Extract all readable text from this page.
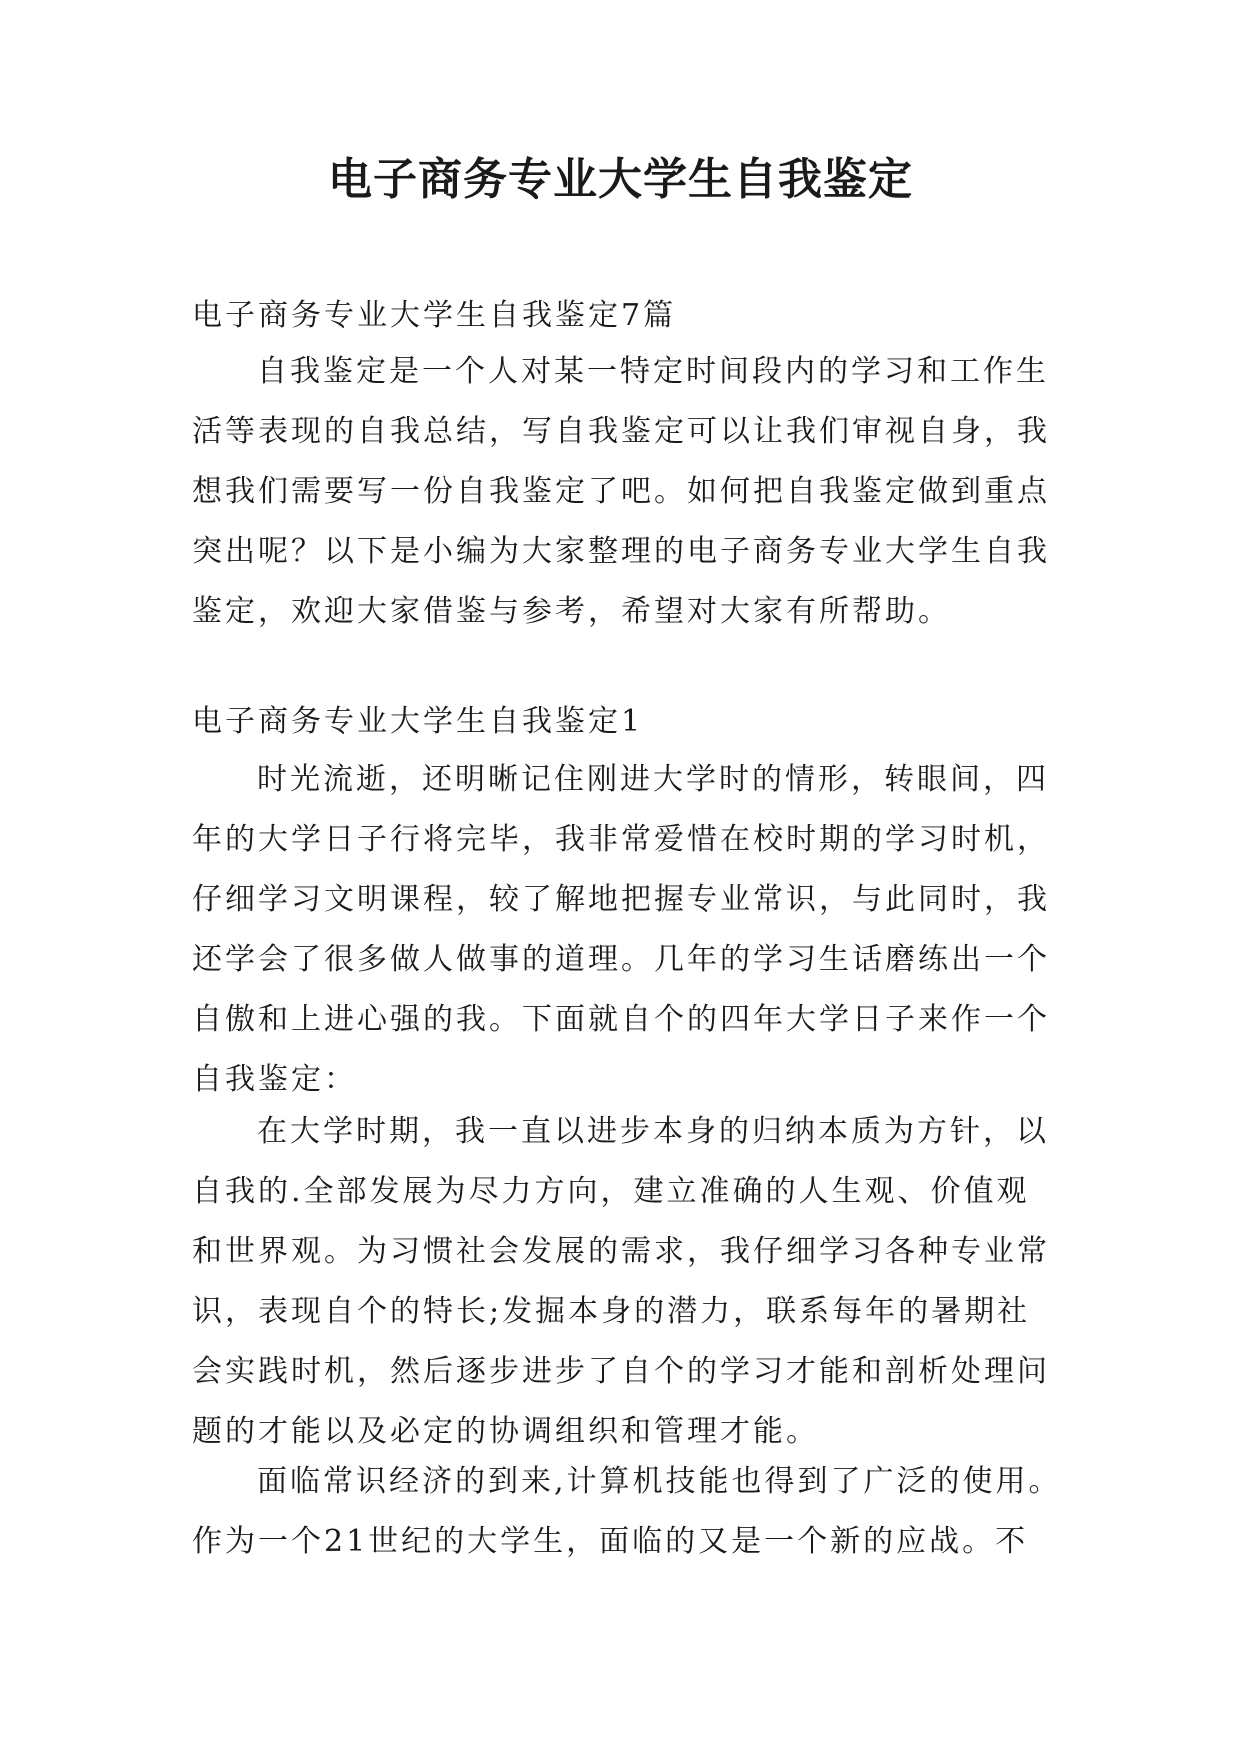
电子商务专业大学生自我鉴定

电子商务专业大学生自我鉴定7篇

自我鉴定是一个人对某一特定时间段内的学习和工作生活等表现的自我总结，写自我鉴定可以让我们审视自身，我想我们需要写一份自我鉴定了吧。如何把自我鉴定做到重点突出呢？以下是小编为大家整理的电子商务专业大学生自我鉴定，欢迎大家借鉴与参考，希望对大家有所帮助。

电子商务专业大学生自我鉴定1

时光流逝，还明晰记住刚进大学时的情形，转眼间，四年的大学日子行将完毕，我非常爱惜在校时期的学习时机，仔细学习文明课程，较了解地把握专业常识，与此同时，我还学会了很多做人做事的道理。几年的学习生话磨练出一个自傲和上进心强的我。下面就自个的四年大学日子来作一个自我鉴定：

在大学时期，我一直以进步本身的归纳本质为方针，以自我的.全部发展为尽力方向，建立准确的人生观、价值观和世界观。为习惯社会发展的需求，我仔细学习各种专业常识，表现自个的特长;发掘本身的潜力，联系每年的暑期社会实践时机，然后逐步进步了自个的学习才能和剖析处理问题的才能以及必定的协调组织和管理才能。

面临常识经济的到来,计算机技能也得到了广泛的使用。作为一个21世纪的大学生，面临的又是一个新的应战。不
